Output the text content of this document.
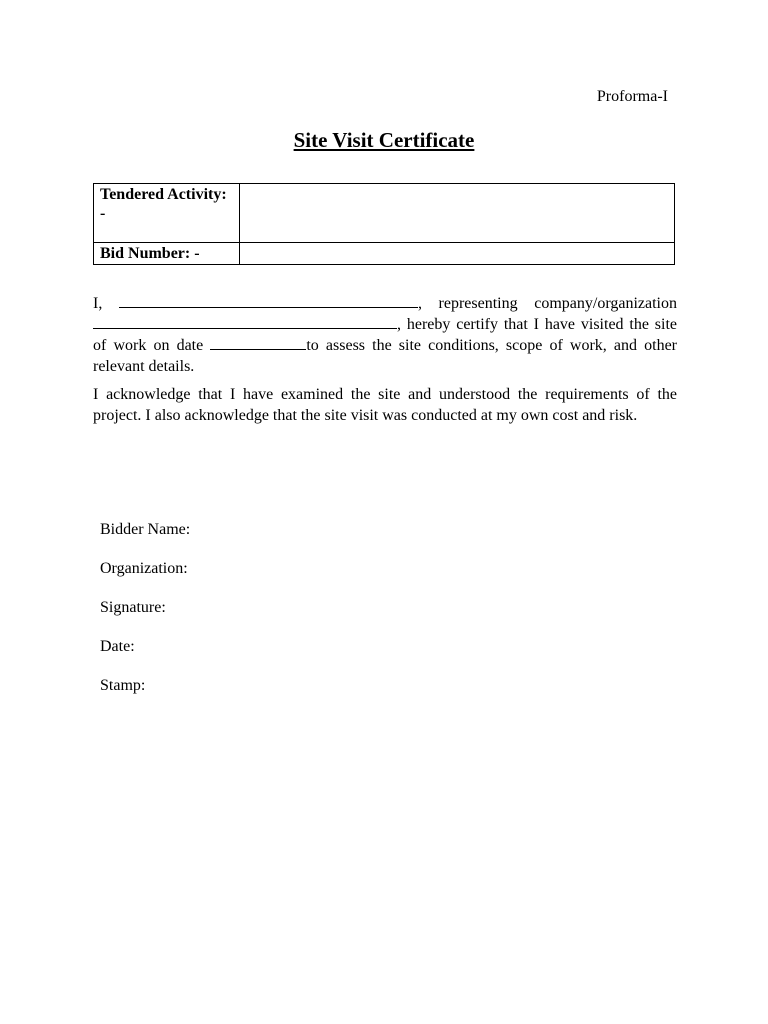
Proforma-I
Site Visit Certificate
Tendered Activity: -	
Bid Number: -	

I,	, representing company/organization , hereby certify that I have visited the site of work on date	to assess the site conditions, scope of work, and other relevant details.

I acknowledge that I have examined the site and understood the requirements of the project. I also acknowledge that the site visit was conducted at my own cost and risk.

Bidder Name:
Organization:
Signature:
Date:
Stamp:
